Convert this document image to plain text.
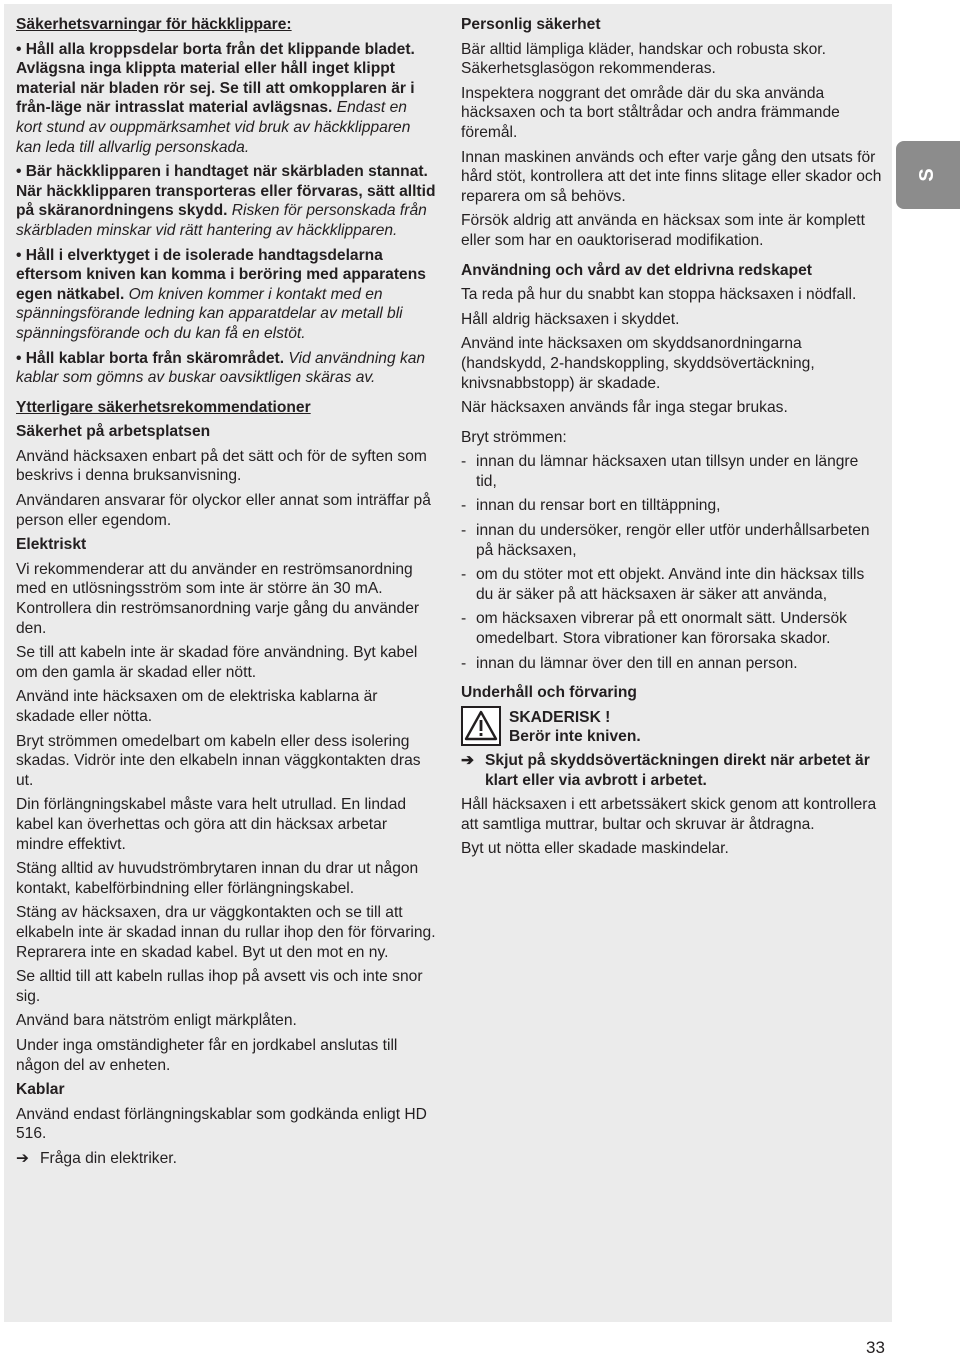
S

Säkerhetsvarningar för häckklippare:

• Håll alla kroppsdelar borta från det klippande bladet. Avlägsna inga klippta material eller håll inget klippt material när bladen rör sej. Se till att omkopplaren är i från-läge när intrasslat material avlägsnas. Endast en kort stund av ouppmärksamhet vid bruk av häckklipparen kan leda till allvarlig personskada.

• Bär häckklipparen i handtaget när skärbladen stannat. När häckklipparen transporteras eller förvaras, sätt alltid på skäranordningens skydd. Risken för personskada från skärbladen minskar vid rätt hantering av häckklipparen.

• Håll i elverktyget i de isolerade handtagsdelarna eftersom kniven kan komma i beröring med apparatens egen nätkabel. Om kniven kommer i kontakt med en spänningsförande ledning kan apparatdelar av metall bli spänningsförande och du kan få en elstöt.

• Håll kablar borta från skärområdet. Vid användning kan kablar som gömns av buskar oavsiktligen skäras av.

Ytterligare säkerhetsrekommendationer

Säkerhet på arbetsplatsen

Använd häcksaxen enbart på det sätt och för de syften som beskrivs i denna bruksanvisning.

Användaren ansvarar för olyckor eller annat som inträffar på person eller egendom.

Elektriskt

Vi rekommenderar att du använder en reströmsanordning med en utlösningsström som inte är större än 30 mA. Kontrollera din reströmsanordning varje gång du använder den.

Se till att kabeln inte är skadad före användning. Byt kabel om den gamla är skadad eller nött.

Använd inte häcksaxen om de elektriska kablarna är skadade eller nötta.

Bryt strömmen omedelbart om kabeln eller dess isolering skadas. Vidrör inte den elkabeln innan väggkontakten dras ut.

Din förlängningskabel måste vara helt utrullad. En lindad kabel kan överhettas och göra att din häcksax arbetar mindre effektivt.

Stäng alltid av huvudströmbrytaren innan du drar ut någon kontakt, kabelförbindning eller förlängningskabel.

Stäng av häcksaxen, dra ur väggkontakten och se till att elkabeln inte är skadad innan du rullar ihop den för förvaring. Reprarera inte en skadad kabel. Byt ut den mot en ny.

Se alltid till att kabeln rullas ihop på avsett vis och inte snor sig.

Använd bara nätström enligt märkplåten.

Under inga omständigheter får en jordkabel anslutas till någon del av enheten.

Kablar

Använd endast förlängningskablar som godkända enligt HD 516.

➔ Fråga din elektriker.

Personlig säkerhet

Bär alltid lämpliga kläder, handskar och robusta skor. Säkerhetsglasögon rekommenderas.

Inspektera noggrant det område där du ska använda häcksaxen och ta bort ståltrådar och andra främmande föremål.

Innan maskinen används och efter varje gång den utsats för hård stöt, kontrollera att det inte finns slitage eller skador och reparera om så behövs.

Försök aldrig att använda en häcksax som inte är komplett eller som har en oauktoriserad modifikation.

Användning och vård av det eldrivna redskapet

Ta reda på hur du snabbt kan stoppa häcksaxen i nödfall.

Håll aldrig häcksaxen i skyddet.

Använd inte häcksaxen om skyddsanordningarna (handskydd, 2-handskoppling, skyddsövertäckning, knivsnabbstopp) är skadade.

När häcksaxen används får inga stegar brukas.

Bryt strömmen:

- innan du lämnar häcksaxen utan tillsyn under en längre tid,
- innan du rensar bort en tilltäppning,
- innan du undersöker, rengör eller utför underhållsarbeten på häcksaxen,
- om du stöter mot ett objekt. Använd inte din häcksax tills du är säker på att häcksaxen är säker att använda,
- om häcksaxen vibrerar på ett onormalt sätt. Undersök omedelbart. Stora vibrationer kan förorsaka skador.
- innan du lämnar över den till en annan person.

Underhåll och förvaring

SKADERISK !
Berör inte kniven.
➔ Skjut på skyddsövertäckningen direkt när arbetet är klart eller via avbrott i arbetet.

Håll häcksaxen i ett arbetssäkert skick genom att kontrollera att samtliga muttrar, bultar och skruvar är åtdragna.

Byt ut nötta eller skadade maskindelar.

33
